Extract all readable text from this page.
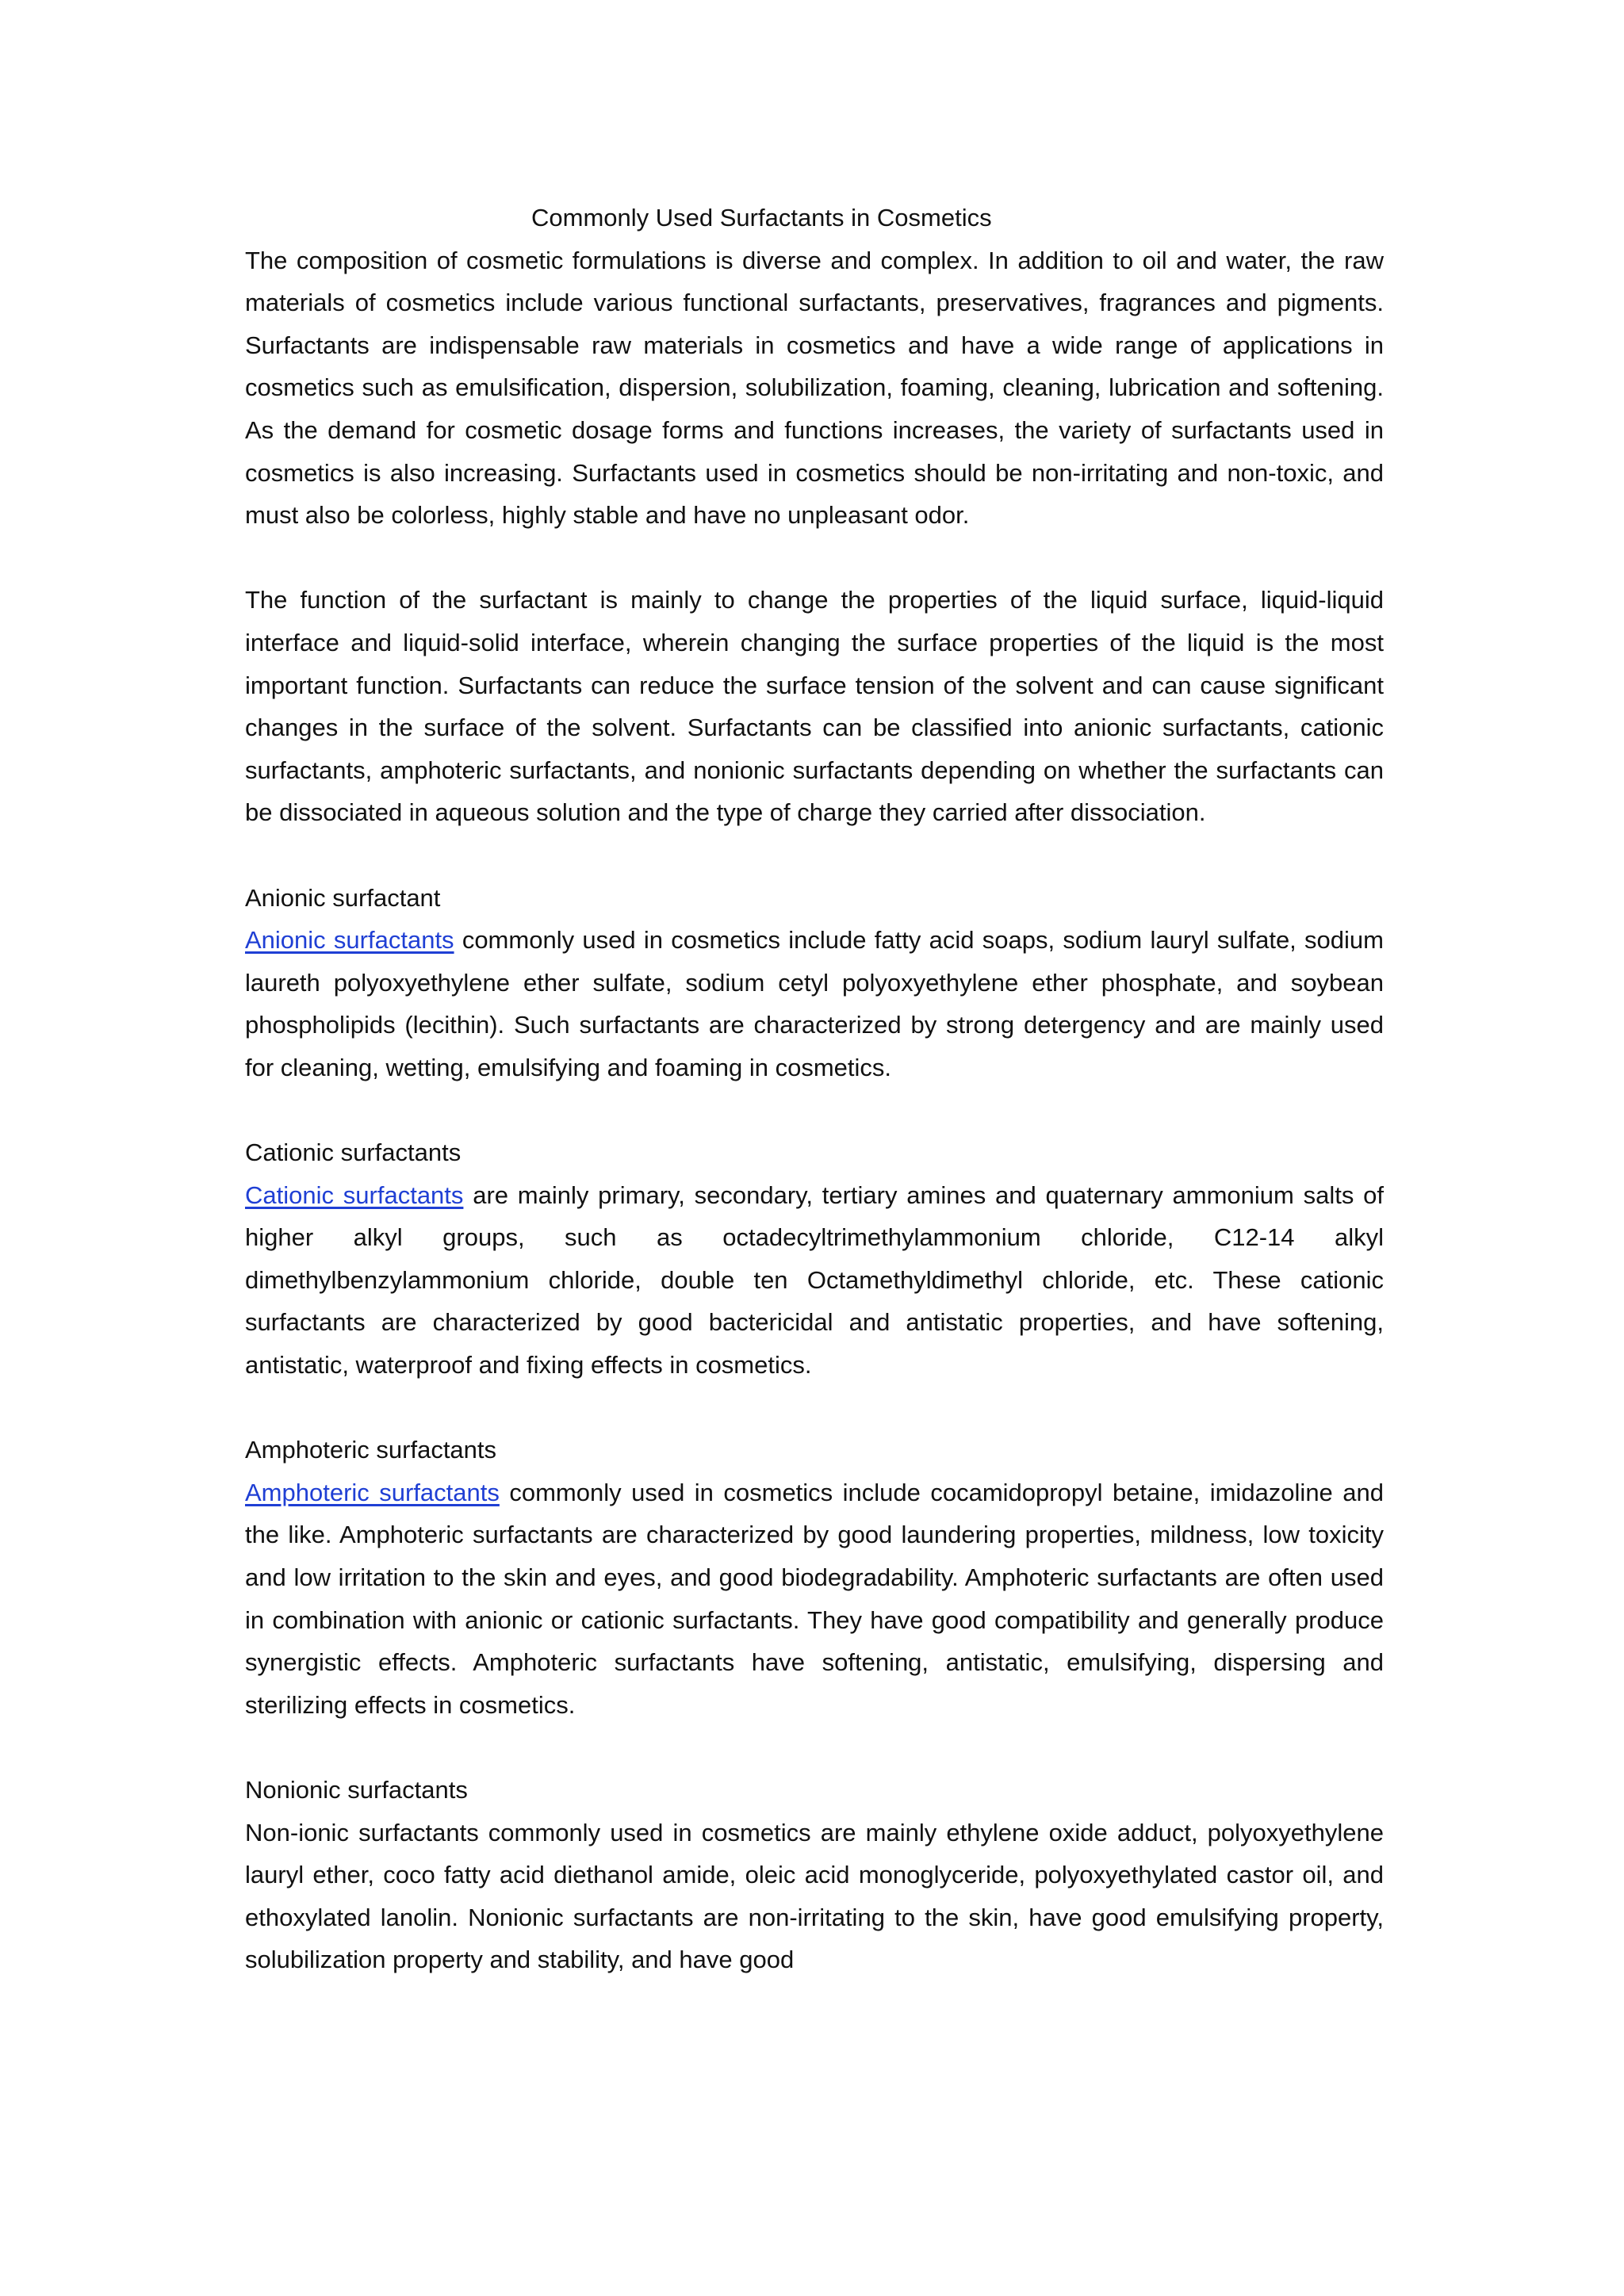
Commonly Used Surfactants in Cosmetics

The composition of cosmetic formulations is diverse and complex. In addition to oil and water, the raw materials of cosmetics include various functional surfactants, preservatives, fragrances and pigments. Surfactants are indispensable raw materials in cosmetics and have a wide range of applications in cosmetics such as emulsification, dispersion, solubilization, foaming, cleaning, lubrication and softening. As the demand for cosmetic dosage forms and functions increases, the variety of surfactants used in cosmetics is also increasing. Surfactants used in cosmetics should be non-irritating and non-toxic, and must also be colorless, highly stable and have no unpleasant odor.

The function of the surfactant is mainly to change the properties of the liquid surface, liquid-liquid interface and liquid-solid interface, wherein changing the surface properties of the liquid is the most important function. Surfactants can reduce the surface tension of the solvent and can cause significant changes in the surface of the solvent. Surfactants can be classified into anionic surfactants, cationic surfactants, amphoteric surfactants, and nonionic surfactants depending on whether the surfactants can be dissociated in aqueous solution and the type of charge they carried after dissociation.

Anionic surfactant

Anionic surfactants commonly used in cosmetics include fatty acid soaps, sodium lauryl sulfate, sodium laureth polyoxyethylene ether sulfate, sodium cetyl polyoxyethylene ether phosphate, and soybean phospholipids (lecithin). Such surfactants are characterized by strong detergency and are mainly used for cleaning, wetting, emulsifying and foaming in cosmetics.

Cationic surfactants

Cationic surfactants are mainly primary, secondary, tertiary amines and quaternary ammonium salts of higher alkyl groups, such as octadecyltrimethylammonium chloride, C12-14 alkyl dimethylbenzylammonium chloride, double ten Octamethyldimethyl chloride, etc. These cationic surfactants are characterized by good bactericidal and antistatic properties, and have softening, antistatic, waterproof and fixing effects in cosmetics.

Amphoteric surfactants

Amphoteric surfactants commonly used in cosmetics include cocamidopropyl betaine, imidazoline and the like. Amphoteric surfactants are characterized by good laundering properties, mildness, low toxicity and low irritation to the skin and eyes, and good biodegradability. Amphoteric surfactants are often used in combination with anionic or cationic surfactants. They have good compatibility and generally produce synergistic effects. Amphoteric surfactants have softening, antistatic, emulsifying, dispersing and sterilizing effects in cosmetics.

Nonionic surfactants

Non-ionic surfactants commonly used in cosmetics are mainly ethylene oxide adduct, polyoxyethylene lauryl ether, coco fatty acid diethanol amide, oleic acid monoglyceride, polyoxyethylated castor oil, and ethoxylated lanolin. Nonionic surfactants are non-irritating to the skin, have good emulsifying property, solubilization property and stability, and have good
